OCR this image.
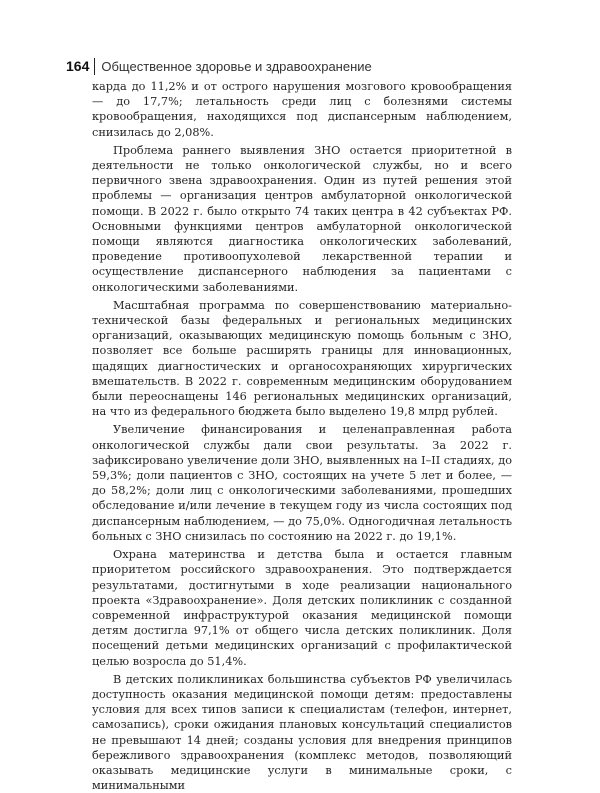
164 Общественное здоровье и здравоохранение

карда до 11,2% и от острого нарушения мозгового кровообращения — до 17,7%; летальность среди лиц с болезнями системы кровообращения, находящихся под диспансерным наблюдением, снизилась до 2,08%.

Проблема раннего выявления ЗНО остается приоритетной в деятельности не только онкологической службы, но и всего первичного звена здравоохранения. Один из путей решения этой проблемы — организация центров амбулаторной онкологической помощи. В 2022 г. было открыто 74 таких центра в 42 субъектах РФ. Основными функциями центров амбулаторной онкологической помощи являются диагностика онкологических заболеваний, проведение противоопухолевой лекарственной терапии и осуществление диспансерного наблюдения за пациентами с онкологическими заболеваниями.

Масштабная программа по совершенствованию материально-технической базы федеральных и региональных медицинских организаций, оказывающих медицинскую помощь больным с ЗНО, позволяет все больше расширять границы для инновационных, щадящих диагностических и органосохраняющих хирургических вмешательств. В 2022 г. современным медицинским оборудованием были переоснащены 146 региональных медицинских организаций, на что из федерального бюджета было выделено 19,8 млрд рублей.

Увеличение финансирования и целенаправленная работа онкологической службы дали свои результаты. За 2022 г. зафиксировано увеличение доли ЗНО, выявленных на I–II стадиях, до 59,3%; доли пациентов с ЗНО, состоящих на учете 5 лет и более, — до 58,2%; доли лиц с онкологическими заболеваниями, прошедших обследование и/или лечение в текущем году из числа состоящих под диспансерным наблюдением, — до 75,0%. Одногодичная летальность больных с ЗНО снизилась по состоянию на 2022 г. до 19,1%.

Охрана материнства и детства была и остается главным приоритетом российского здравоохранения. Это подтверждается результатами, достигнутыми в ходе реализации национального проекта «Здравоохранение». Доля детских поликлиник с созданной современной инфраструктурой оказания медицинской помощи детям достигла 97,1% от общего числа детских поликлиник. Доля посещений детьми медицинских организаций с профилактической целью возросла до 51,4%.

В детских поликлиниках большинства субъектов РФ увеличилась доступность оказания медицинской помощи детям: предоставлены условия для всех типов записи к специалистам (телефон, интернет, самозапись), сроки ожидания плановых консультаций специалистов не превышают 14 дней; созданы условия для внедрения принципов бережливого здравоохранения (комплекс методов, позволяющий оказывать медицинские услуги в минимальные сроки, с минимальными
